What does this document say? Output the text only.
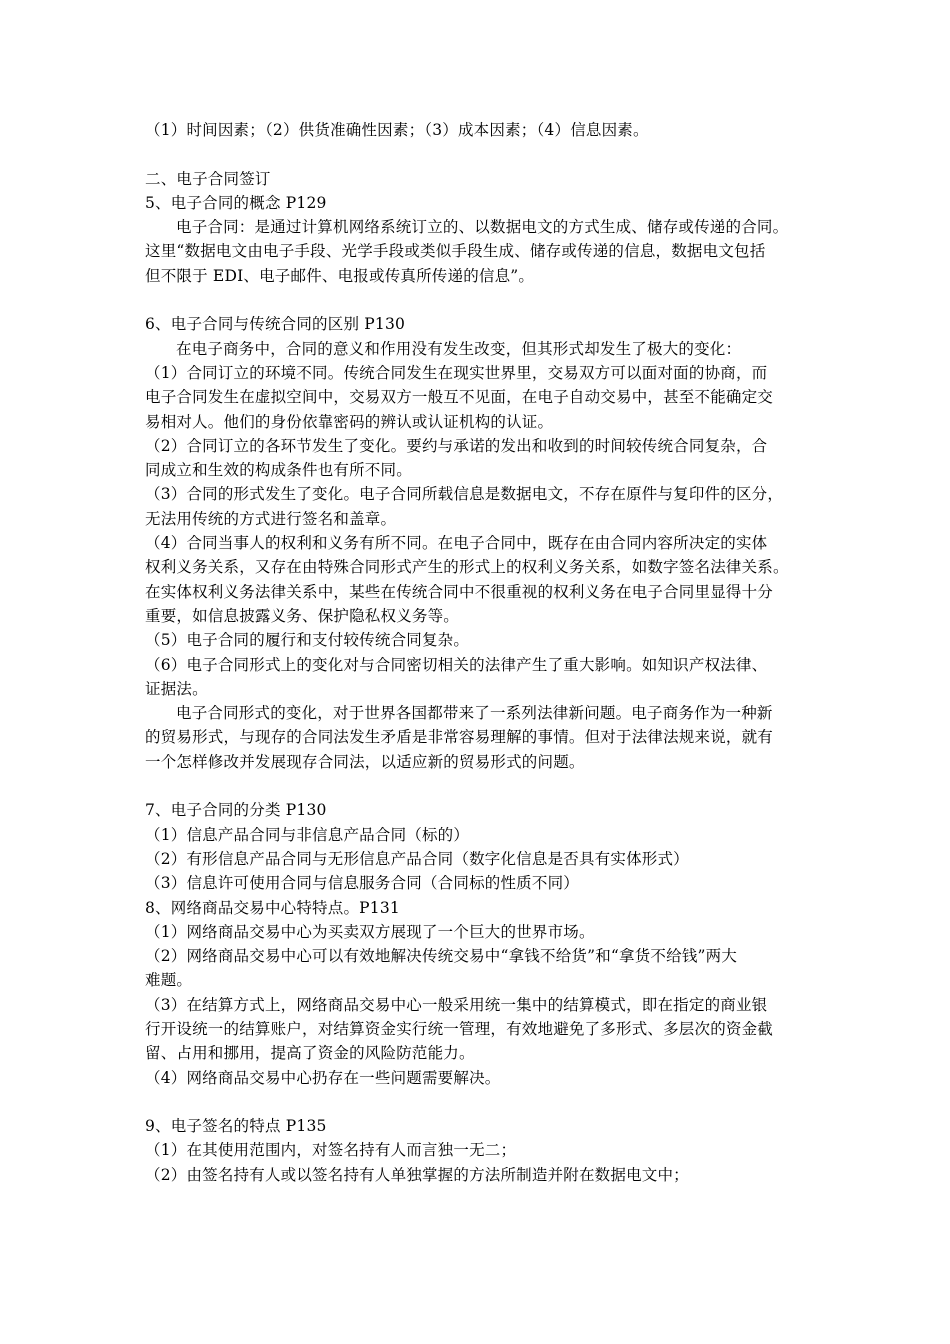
（1）时间因素；（2）供货准确性因素；（3）成本因素；（4）信息因素。
二、电子合同签订
5、电子合同的概念 P129
电子合同：是通过计算机网络系统订立的、以数据电文的方式生成、储存或传递的合同。
这里“数据电文由电子手段、光学手段或类似手段生成、储存或传递的信息，数据电文包括
但不限于 EDI、电子邮件、电报或传真所传递的信息”。
6、电子合同与传统合同的区别 P130
在电子商务中，合同的意义和作用没有发生改变，但其形式却发生了极大的变化：
（1）合同订立的环境不同。传统合同发生在现实世界里，交易双方可以面对面的协商，而
电子合同发生在虚拟空间中，交易双方一般互不见面，在电子自动交易中，甚至不能确定交
易相对人。他们的身份依靠密码的辨认或认证机构的认证。
（2）合同订立的各环节发生了变化。要约与承诺的发出和收到的时间较传统合同复杂，合
同成立和生效的构成条件也有所不同。
（3）合同的形式发生了变化。电子合同所载信息是数据电文，不存在原件与复印件的区分，
无法用传统的方式进行签名和盖章。
（4）合同当事人的权利和义务有所不同。在电子合同中，既存在由合同内容所决定的实体
权利义务关系，又存在由特殊合同形式产生的形式上的权利义务关系，如数字签名法律关系。
在实体权利义务法律关系中，某些在传统合同中不很重视的权利义务在电子合同里显得十分
重要，如信息披露义务、保护隐私权义务等。
（5）电子合同的履行和支付较传统合同复杂。
（6）电子合同形式上的变化对与合同密切相关的法律产生了重大影响。如知识产权法律、
证据法。
电子合同形式的变化，对于世界各国都带来了一系列法律新问题。电子商务作为一种新
的贸易形式，与现存的合同法发生矛盾是非常容易理解的事情。但对于法律法规来说，就有
一个怎样修改并发展现存合同法，以适应新的贸易形式的问题。
7、电子合同的分类 P130
（1）信息产品合同与非信息产品合同（标的）
（2）有形信息产品合同与无形信息产品合同（数字化信息是否具有实体形式）
（3）信息许可使用合同与信息服务合同（合同标的性质不同）
8、网络商品交易中心特特点。P131
（1）网络商品交易中心为买卖双方展现了一个巨大的世界市场。
（2）网络商品交易中心可以有效地解决传统交易中“拿钱不给货”和“拿货不给钱”两大
难题。
（3）在结算方式上，网络商品交易中心一般采用统一集中的结算模式，即在指定的商业银
行开设统一的结算账户，对结算资金实行统一管理，有效地避免了多形式、多层次的资金截
留、占用和挪用，提高了资金的风险防范能力。
（4）网络商品交易中心扔存在一些问题需要解决。
9、电子签名的特点 P135
（1）在其使用范围内，对签名持有人而言独一无二；
（2）由签名持有人或以签名持有人单独掌握的方法所制造并附在数据电文中；
